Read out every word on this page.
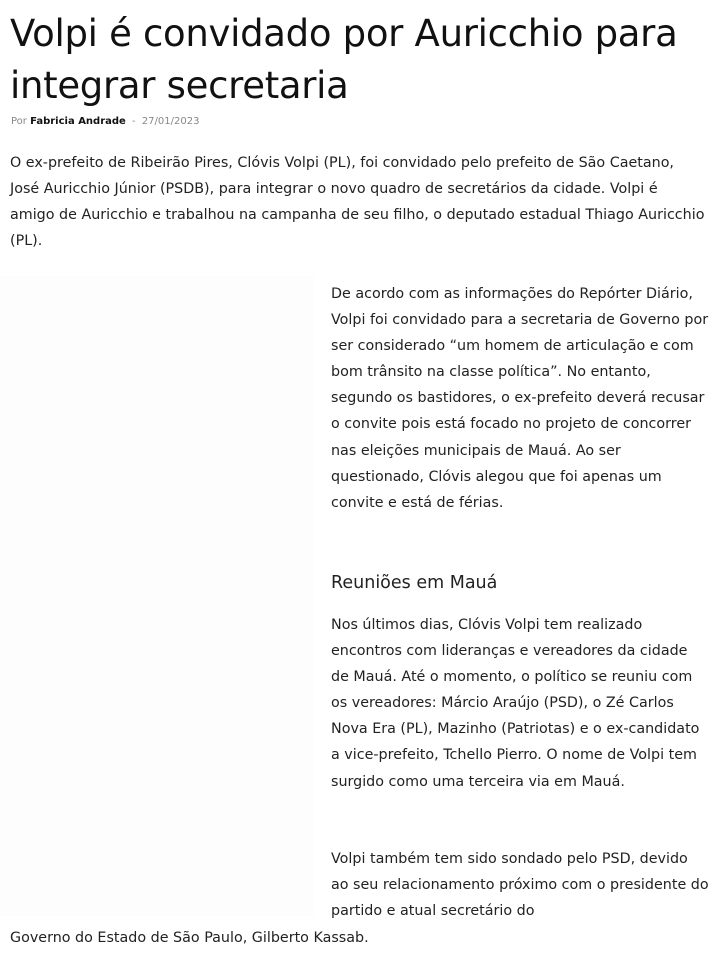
Volpi é convidado por Auricchio para integrar secretaria
Por Fabricia Andrade - 27/01/2023

O ex-prefeito de Ribeirão Pires, Clóvis Volpi (PL), foi convidado pelo prefeito de São Caetano, José Auricchio Júnior (PSDB), para integrar o novo quadro de secretários da cidade. Volpi é amigo de Auricchio e trabalhou na campanha de seu filho, o deputado estadual Thiago Auricchio (PL).

De acordo com as informações do Repórter Diário, Volpi foi convidado para a secretaria de Governo por ser considerado “um homem de articulação e com bom trânsito na classe política”. No entanto, segundo os bastidores, o ex-prefeito deverá recusar o convite pois está focado no projeto de concorrer nas eleições municipais de Mauá. Ao ser questionado, Clóvis alegou que foi apenas um convite e está de férias.

Reuniões em Mauá

Nos últimos dias, Clóvis Volpi tem realizado encontros com lideranças e vereadores da cidade de Mauá. Até o momento, o político se reuniu com os vereadores: Márcio Araújo (PSD), o Zé Carlos Nova Era (PL), Mazinho (Patriotas) e o ex-candidato a vice-prefeito, Tchello Pierro. O nome de Volpi tem surgido como uma terceira via em Mauá.

Volpi também tem sido sondado pelo PSD, devido ao seu relacionamento próximo com o presidente do partido e atual secretário do

Governo do Estado de São Paulo, Gilberto Kassab.
